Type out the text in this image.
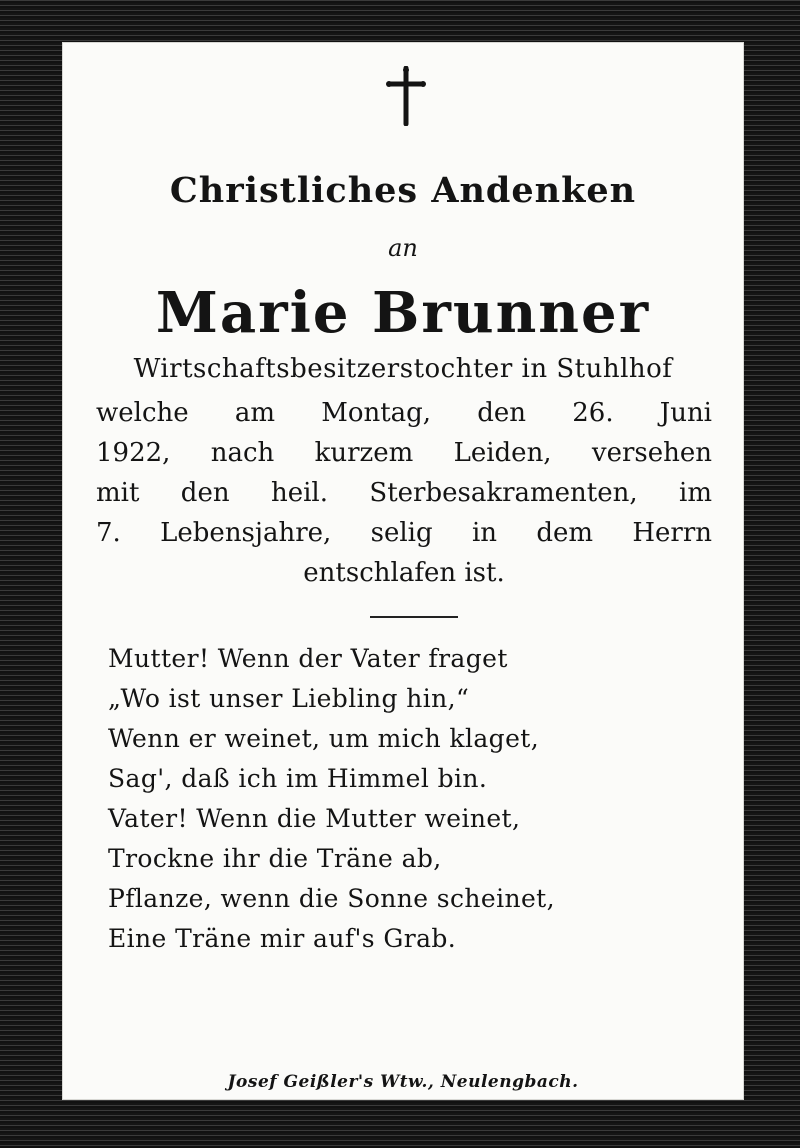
Christliches Andenken
an
Marie Brunner
Wirtschaftsbesitzerstochter in Stuhlhof
welche am Montag, den 26. Juni
1922, nach kurzem Leiden, versehen
mit den heil. Sterbesakramenten, im
7. Lebensjahre, selig in dem Herrn
entschlafen ist.
Mutter! Wenn der Vater fraget
„Wo ist unser Liebling hin,“
Wenn er weinet, um mich klaget,
Sag', daß ich im Himmel bin.
Vater! Wenn die Mutter weinet,
Trockne ihr die Träne ab,
Pflanze, wenn die Sonne scheinet,
Eine Träne mir auf's Grab.
Josef Geißler's Wtw., Neulengbach.
